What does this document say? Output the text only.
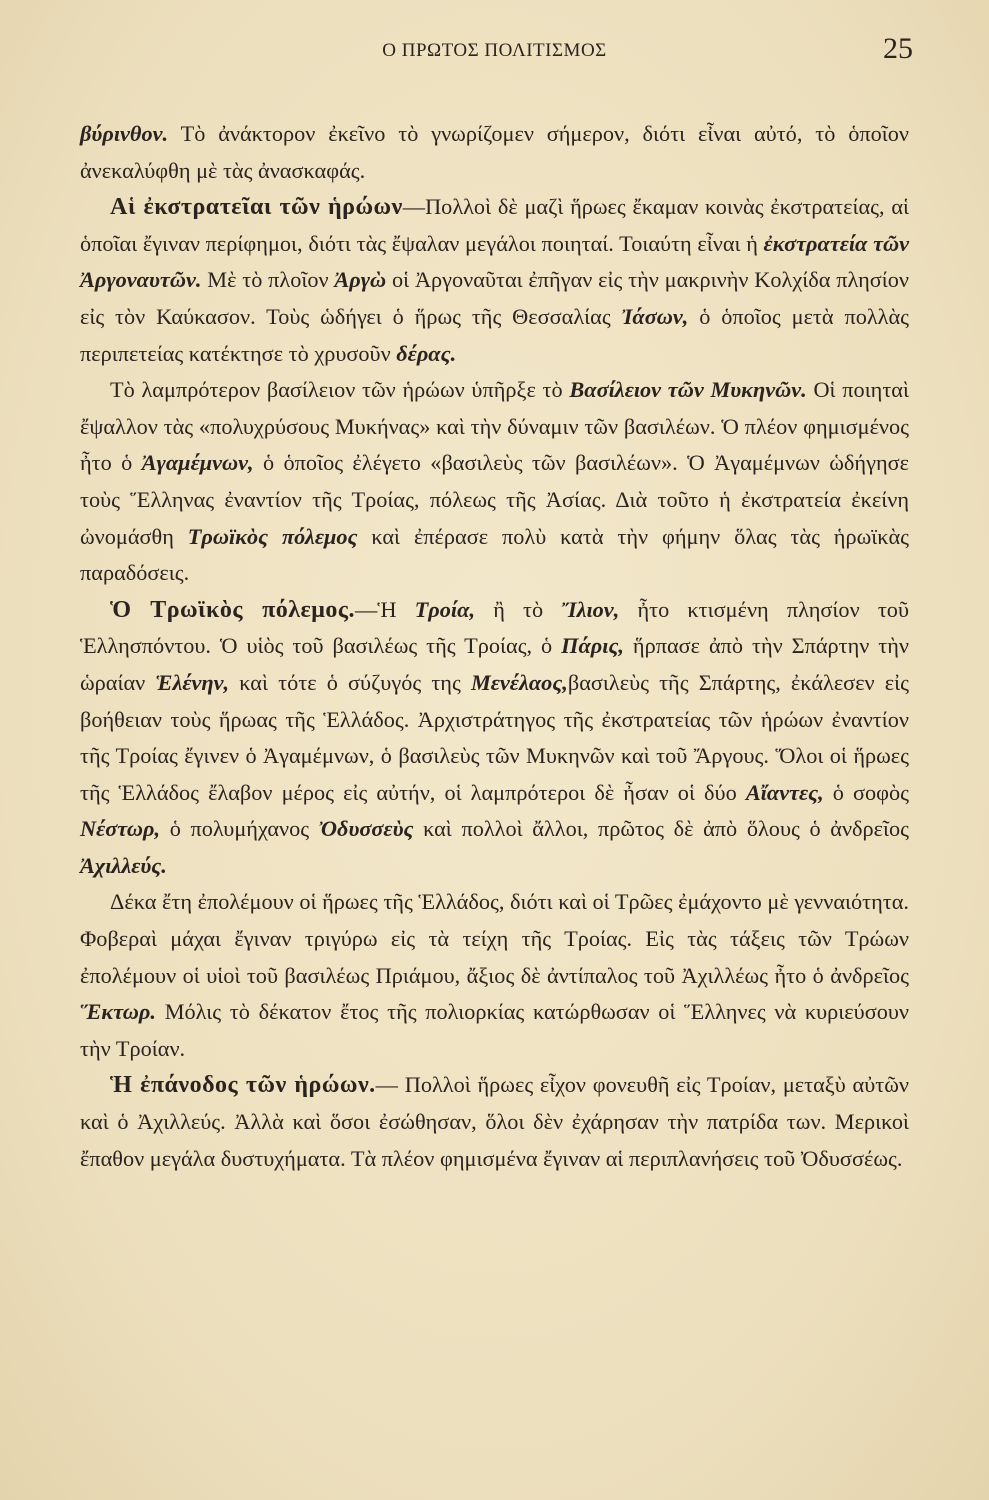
Ο ΠΡΩΤΟΣ ΠΟΛΙΤΙΣΜΟΣ	25

βύρινθον. Τὸ ἀνάκτορον ἐκεῖνο τὸ γνωρίζομεν σήμερον, διότι εἶναι αὐτό, τὸ ὁποῖον ἀνεκαλύφθη μὲ τὰς ἀνασκαφάς.

Αἱ ἐκστρατεῖαι τῶν ἡρώων—Πολλοὶ δὲ μαζὶ ἥρωες ἔκαμαν κοινὰς ἐκστρατείας, αἱ ὁποῖαι ἔγιναν περίφημοι, διότι τὰς ἔψαλαν μεγάλοι ποιηταί. Τοιαύτη εἶναι ἡ ἐκστρατεία τῶν Ἀργοναυτῶν. Μὲ τὸ πλοῖον Ἀργὼ οἱ Ἀργοναῦται ἐπῆγαν εἰς τὴν μακρινὴν Κολχίδα πλησίον εἰς τὸν Καύκασον. Τοὺς ὡδήγει ὁ ἥρως τῆς Θεσσαλίας Ἰάσων, ὁ ὁποῖος μετὰ πολλὰς περιπετείας κατέκτησε τὸ χρυσοῦν δέρας.

Τὸ λαμπρότερον βασίλειον τῶν ἡρώων ὑπῆρξε τὸ Βασίλειον τῶν Μυκηνῶν. Οἱ ποιηταὶ ἔψαλλον τὰς «πολυχρύσους Μυκήνας» καὶ τὴν δύναμιν τῶν βασιλέων. Ὁ πλέον φημισμένος ἦτο ὁ Ἀγαμέμνων, ὁ ὁποῖος ἐλέγετο «βασιλεὺς τῶν βασιλέων». Ὁ Ἀγαμέμνων ὡδήγησε τοὺς Ἕλληνας ἐναντίον τῆς Τροίας, πόλεως τῆς Ἀσίας. Διὰ τοῦτο ἡ ἐκστρατεία ἐκείνη ὠνομάσθη Τρωϊκὸς πόλεμος καὶ ἐπέρασε πολὺ κατὰ τὴν φήμην ὅλας τὰς ἡρωϊκὰς παραδόσεις.

Ὁ Τρωϊκὸς πόλεμος.—Ἡ Τροία, ἢ τὸ Ἴλιον, ἦτο κτισμένη πλησίον τοῦ Ἑλλησπόντου. Ὁ υἱὸς τοῦ βασιλέως τῆς Τροίας, ὁ Πάρις, ἥρπασε ἀπὸ τὴν Σπάρτην τὴν ὡραίαν Ἑλένην, καὶ τότε ὁ σύζυγός της Μενέλαος,βασιλεὺς τῆς Σπάρτης, ἐκάλεσεν εἰς βοήθειαν τοὺς ἥρωας τῆς Ἑλλάδος. Ἀρχιστράτηγος τῆς ἐκστρατείας τῶν ἡρώων ἐναντίον τῆς Τροίας ἔγινεν ὁ Ἀγαμέμνων, ὁ βασιλεὺς τῶν Μυκηνῶν καὶ τοῦ Ἄργους. Ὅλοι οἱ ἥρωες τῆς Ἑλλάδος ἔλαβον μέρος εἰς αὐτήν, οἱ λαμπρότεροι δὲ ἦσαν οἱ δύο Αἴαντες, ὁ σοφὸς Νέστωρ, ὁ πολυμήχανος Ὀδυσσεὺς καὶ πολλοὶ ἄλλοι, πρῶτος δὲ ἀπὸ ὅλους ὁ ἀνδρεῖος Ἀχιλλεύς.

Δέκα ἔτη ἐπολέμουν οἱ ἥρωες τῆς Ἑλλάδος, διότι καὶ οἱ Τρῶες ἐμάχοντο μὲ γενναιότητα. Φοβεραὶ μάχαι ἔγιναν τριγύρω εἰς τὰ τείχη τῆς Τροίας. Εἰς τὰς τάξεις τῶν Τρώων ἐπολέμουν οἱ υἱοὶ τοῦ βασιλέως Πριάμου, ἄξιος δὲ ἀντίπαλος τοῦ Ἀχιλλέως ἦτο ὁ ἀνδρεῖος Ἕκτωρ. Μόλις τὸ δέκατον ἔτος τῆς πολιορκίας κατώρθωσαν οἱ Ἕλληνες νὰ κυριεύσουν τὴν Τροίαν.

Ἡ ἐπάνοδος τῶν ἡρώων.— Πολλοὶ ἥρωες εἶχον φονευθῆ εἰς Τροίαν, μεταξὺ αὐτῶν καὶ ὁ Ἀχιλλεύς. Ἀλλὰ καὶ ὅσοι ἐσώθησαν, ὅλοι δὲν ἐχάρησαν τὴν πατρίδα των. Μερικοὶ ἔπαθον μεγάλα δυστυχήματα. Τὰ πλέον φημισμένα ἔγιναν αἱ περιπλανήσεις τοῦ Ὀδυσσέως.
